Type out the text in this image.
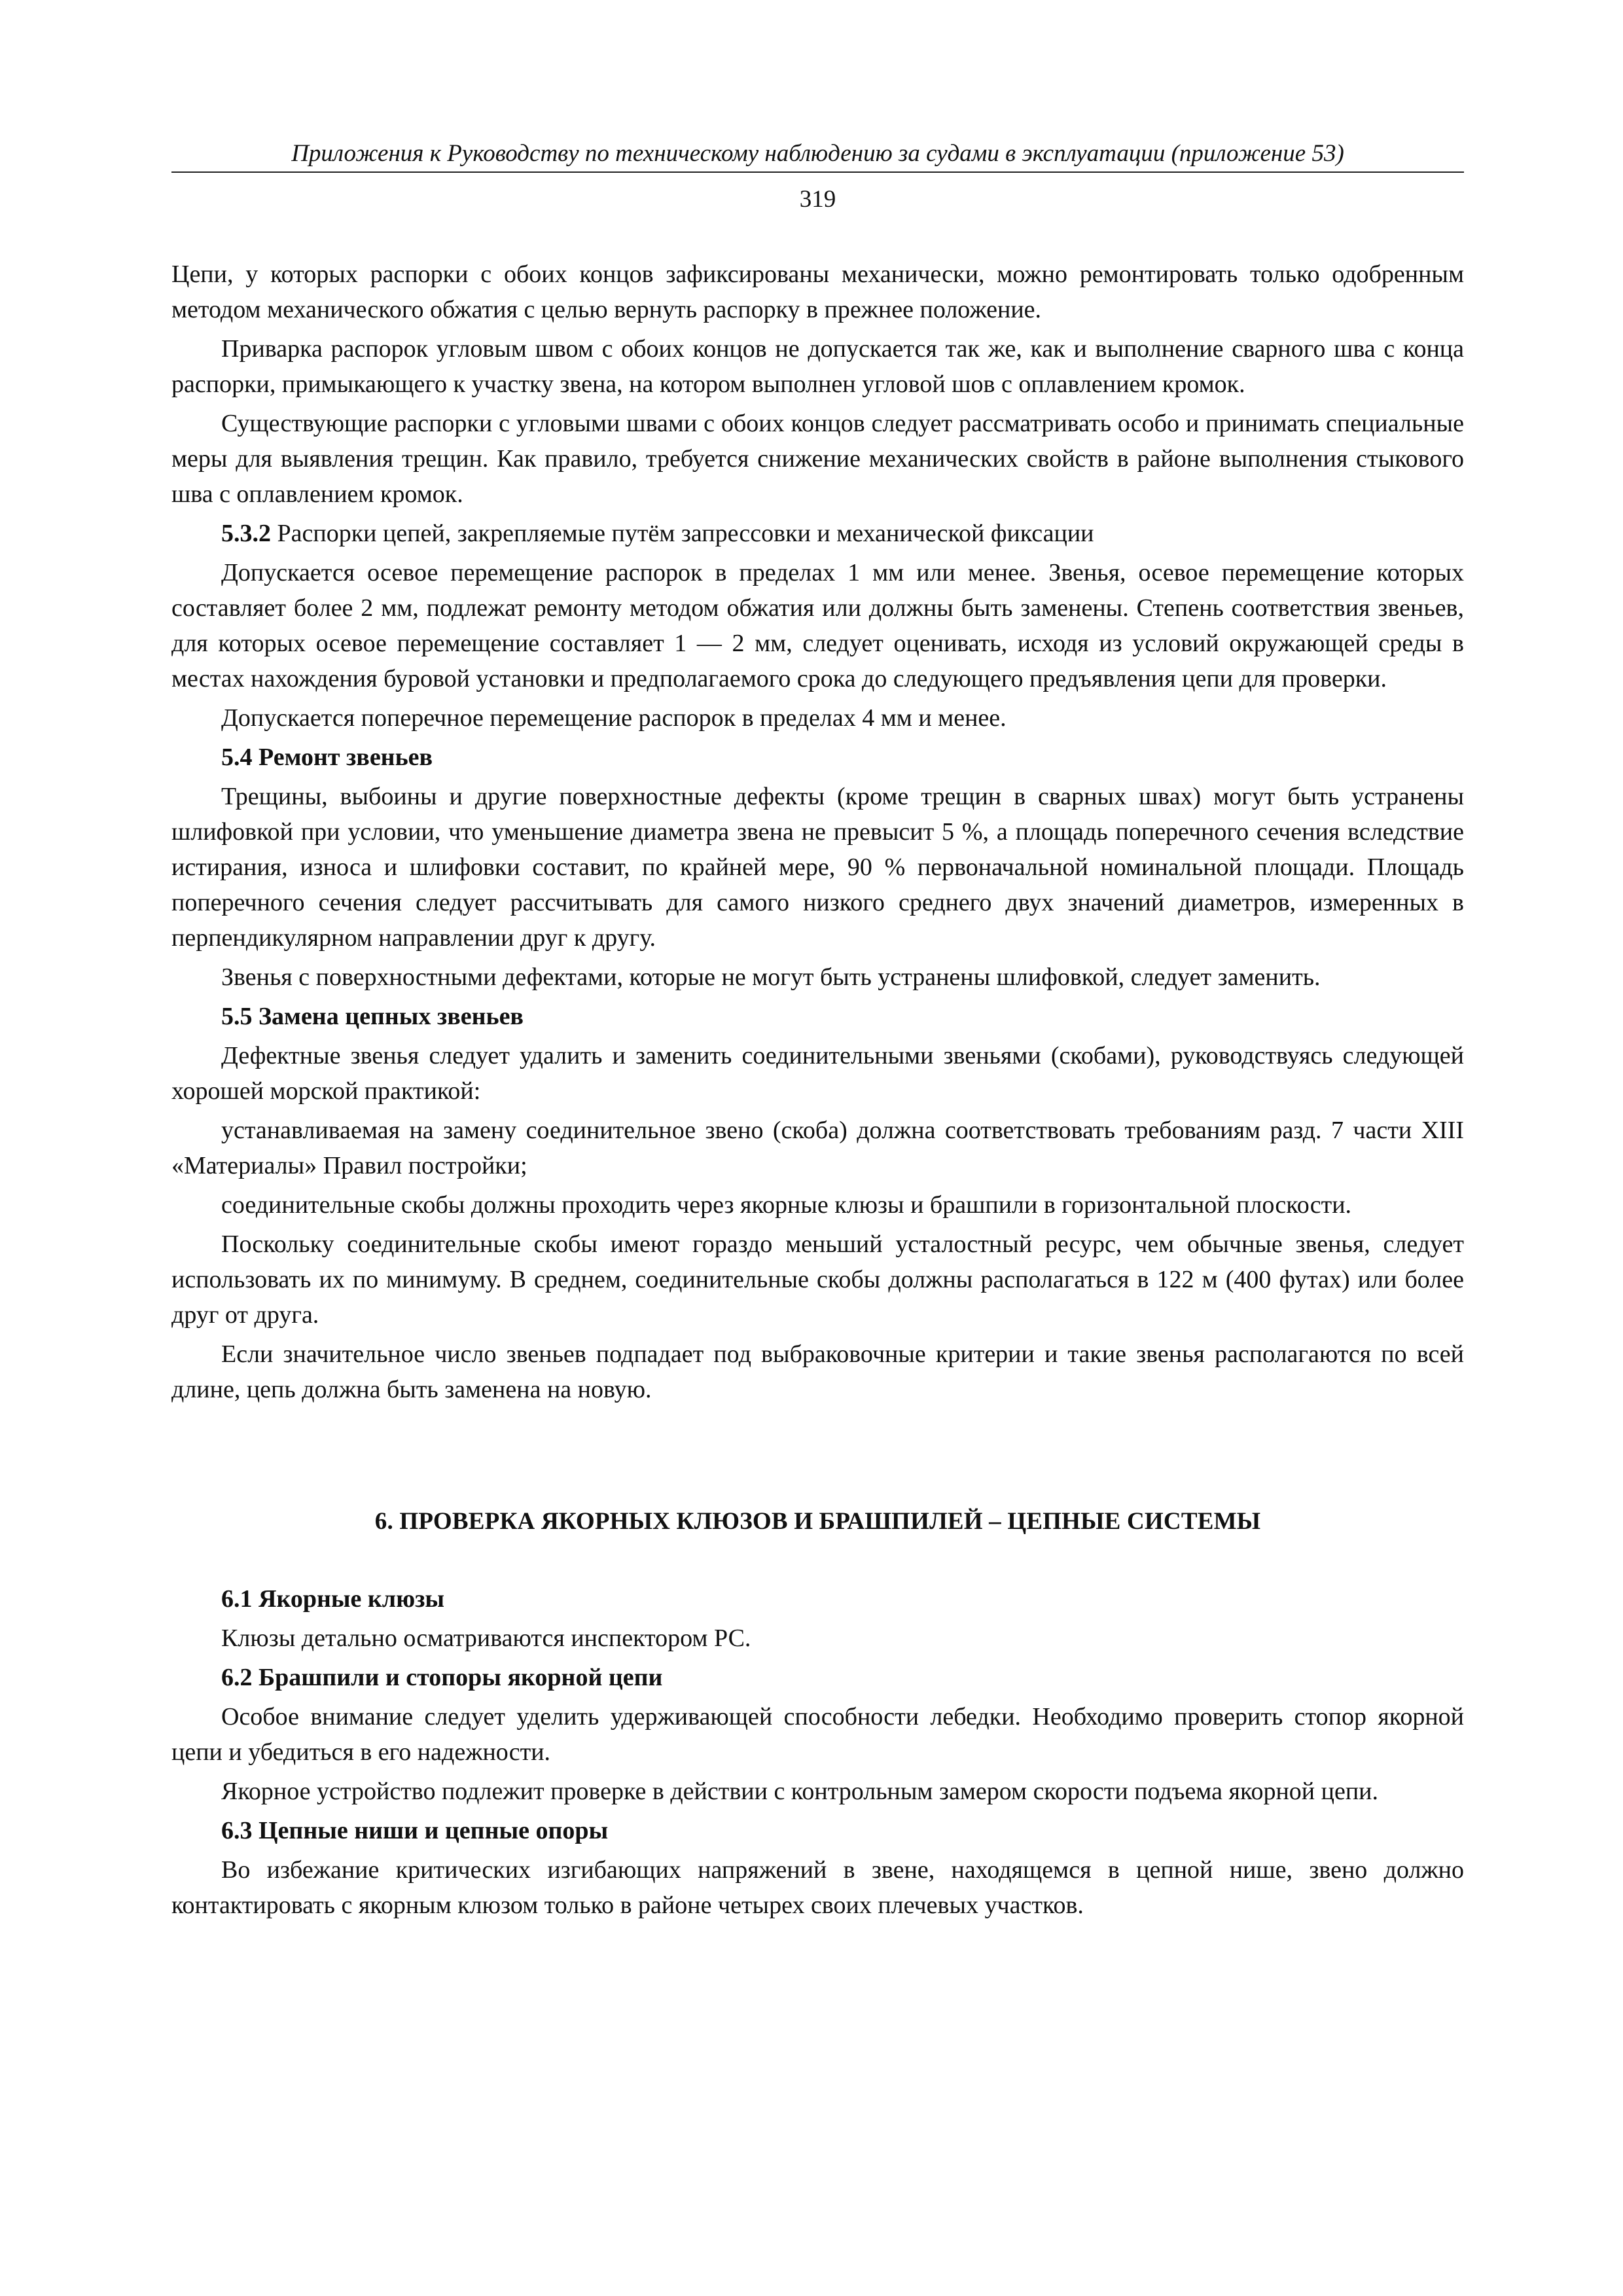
Приложения к Руководству по техническому наблюдению за судами в эксплуатации (приложение 53)
319

Цепи, у которых распорки с обоих концов зафиксированы механически, можно ремонтировать только одобренным методом механического обжатия с целью вернуть распорку в прежнее положение.

Приварка распорок угловым швом с обоих концов не допускается так же, как и выполнение сварного шва с конца распорки, примыкающего к участку звена, на котором выполнен угловой шов с оплавлением кромок.

Существующие распорки с угловыми швами с обоих концов следует рассматривать особо и принимать специальные меры для выявления трещин. Как правило, требуется снижение механических свойств в районе выполнения стыкового шва с оплавлением кромок.

5.3.2 Распорки цепей, закрепляемые путём запрессовки и механической фиксации

Допускается осевое перемещение распорок в пределах 1 мм или менее. Звенья, осевое перемещение которых составляет более 2 мм, подлежат ремонту методом обжатия или должны быть заменены. Степень соответствия звеньев, для которых осевое перемещение составляет 1 — 2 мм, следует оценивать, исходя из условий окружающей среды в местах нахождения буровой установки и предполагаемого срока до следующего предъявления цепи для проверки.

Допускается поперечное перемещение распорок в пределах 4 мм и менее.

5.4 Ремонт звеньев

Трещины, выбоины и другие поверхностные дефекты (кроме трещин в сварных швах) могут быть устранены шлифовкой при условии, что уменьшение диаметра звена не превысит 5 %, а площадь поперечного сечения вследствие истирания, износа и шлифовки составит, по крайней мере, 90 % первоначальной номинальной площади. Площадь поперечного сечения следует рассчитывать для самого низкого среднего двух значений диаметров, измеренных в перпендикулярном направлении друг к другу.

Звенья с поверхностными дефектами, которые не могут быть устранены шлифовкой, следует заменить.

5.5 Замена цепных звеньев

Дефектные звенья следует удалить и заменить соединительными звеньями (скобами), руководствуясь следующей хорошей морской практикой:

устанавливаемая на замену соединительное звено (скоба) должна соответствовать требованиям разд. 7 части XIII «Материалы» Правил постройки;

соединительные скобы должны проходить через якорные клюзы и брашпили в горизонтальной плоскости.

Поскольку соединительные скобы имеют гораздо меньший усталостный ресурс, чем обычные звенья, следует использовать их по минимуму. В среднем, соединительные скобы должны располагаться в 122 м (400 футах) или более друг от друга.

Если значительное число звеньев подпадает под выбраковочные критерии и такие звенья располагаются по всей длине, цепь должна быть заменена на новую.

6. ПРОВЕРКА ЯКОРНЫХ КЛЮЗОВ И БРАШПИЛЕЙ – ЦЕПНЫЕ СИСТЕМЫ

6.1 Якорные клюзы

Клюзы детально осматриваются инспектором РС.

6.2 Брашпили и стопоры якорной цепи

Особое внимание следует уделить удерживающей способности лебедки. Необходимо проверить стопор якорной цепи и убедиться в его надежности.

Якорное устройство подлежит проверке в действии с контрольным замером скорости подъема якорной цепи.

6.3 Цепные ниши и цепные опоры

Во избежание критических изгибающих напряжений в звене, находящемся в цепной нише, звено должно контактировать с якорным клюзом только в районе четырех своих плечевых участков.
